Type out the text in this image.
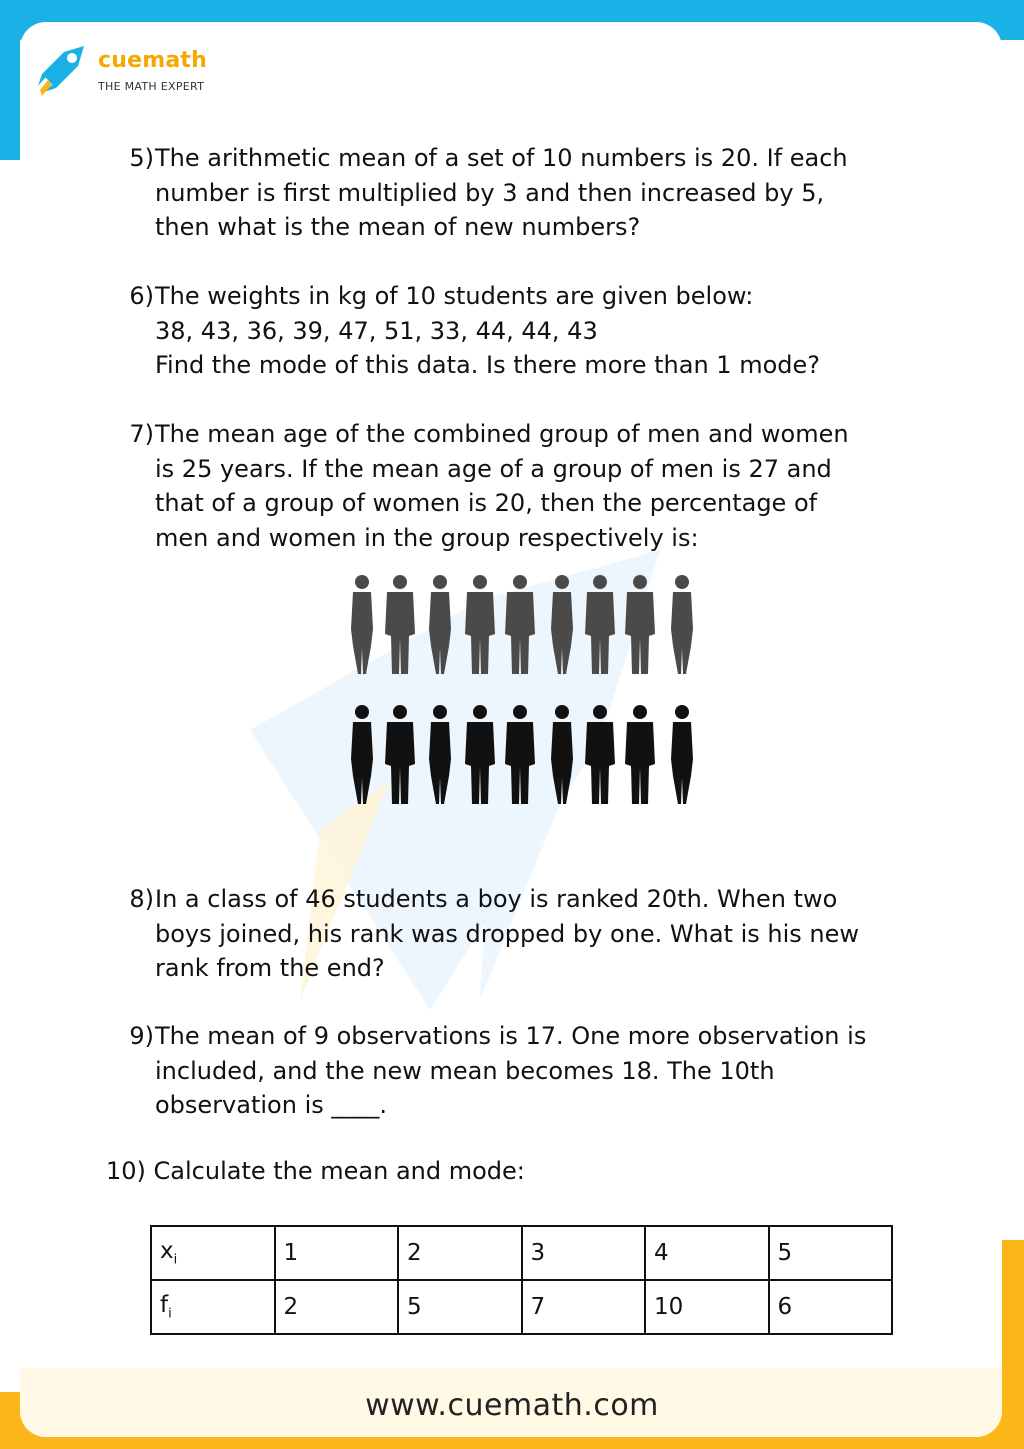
cuemath
THE MATH EXPERT
5) The arithmetic mean of a set of 10 numbers is 20. If each
number is first multiplied by 3 and then increased by 5,
then what is the mean of new numbers?
6) The weights in kg of 10 students are given below:
38, 43, 36, 39, 47, 51, 33, 44, 44, 43
Find the mode of this data. Is there more than 1 mode?
7) The mean age of the combined group of men and women
is 25 years. If the mean age of a group of men is 27 and
that of a group of women is 20, then the percentage of
men and women in the group respectively is:
8) In a class of 46 students a boy is ranked 20th. When two
boys joined, his rank was dropped by one. What is his new
rank from the end?
9) The mean of 9 observations is 17. One more observation is
included, and the new mean becomes 18. The 10th
observation is ____.
10) Calculate the mean and mode:
$x_i$	1	2	3	4	5
$f_i$	2	5	7	10	6
www.cuemath.com
